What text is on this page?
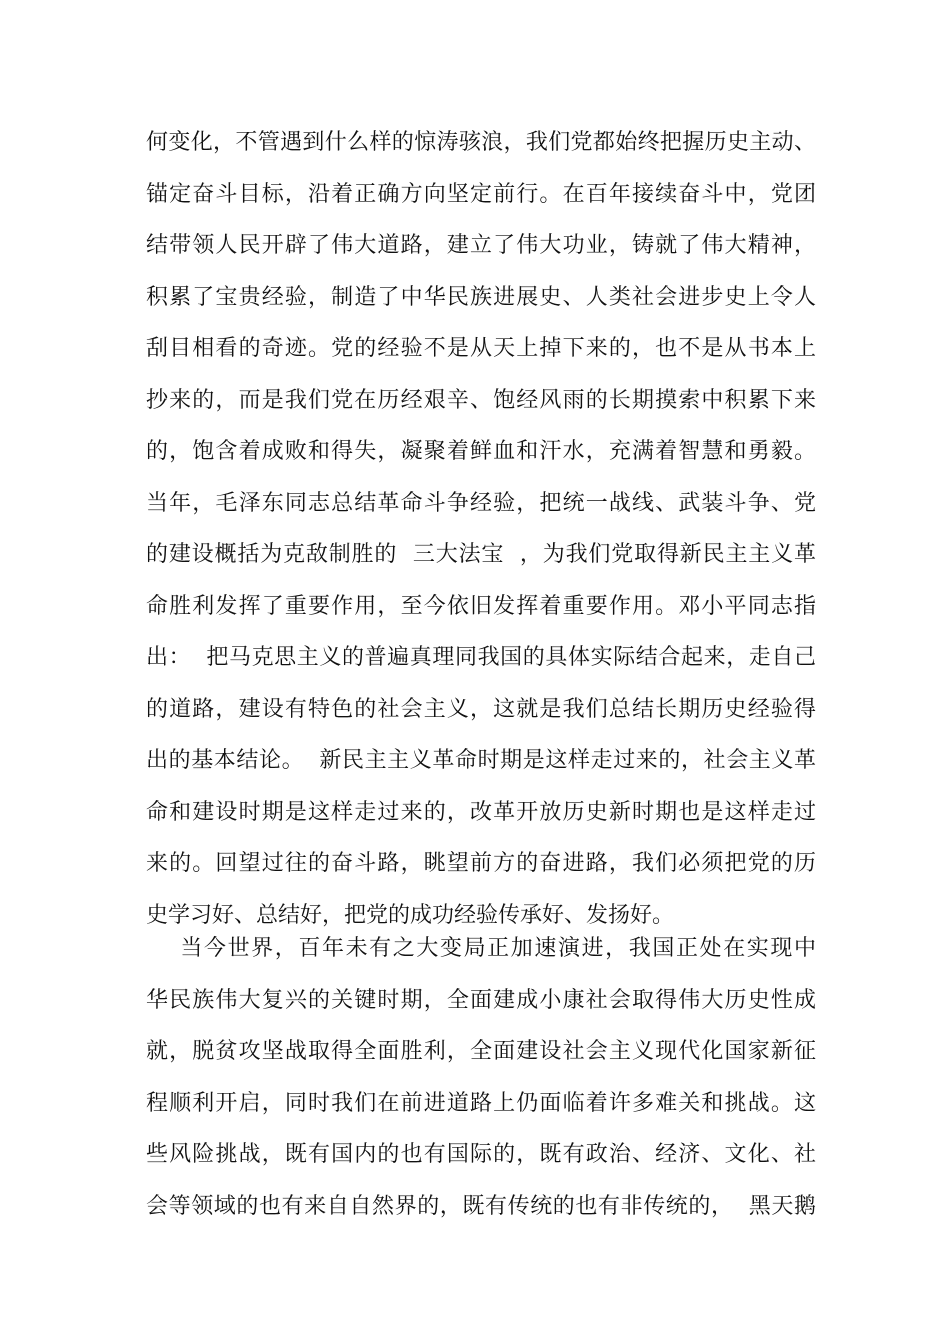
何变化，不管遇到什么样的惊涛骇浪，我们党都始终把握历史主动、
锚定奋斗目标，沿着正确方向坚定前行。在百年接续奋斗中，党团
结带领人民开辟了伟大道路，建立了伟大功业，铸就了伟大精神，
积累了宝贵经验，制造了中华民族进展史、人类社会进步史上令人
刮目相看的奇迹。党的经验不是从天上掉下来的，也不是从书本上
抄来的，而是我们党在历经艰辛、饱经风雨的长期摸索中积累下来
的，饱含着成败和得失，凝聚着鲜血和汗水，充满着智慧和勇毅。
当年，毛泽东同志总结革命斗争经验，把统一战线、武装斗争、党
的建设概括为克敌制胜的  三大法宝  ，为我们党取得新民主主义革
命胜利发挥了重要作用，至今依旧发挥着重要作用。邓小平同志指
出：  把马克思主义的普遍真理同我国的具体实际结合起来，走自己
的道路，建设有特色的社会主义，这就是我们总结长期历史经验得
出的基本结论。  新民主主义革命时期是这样走过来的，社会主义革
命和建设时期是这样走过来的，改革开放历史新时期也是这样走过
来的。回望过往的奋斗路，眺望前方的奋进路，我们必须把党的历
史学习好、总结好，把党的成功经验传承好、发扬好。
当今世界，百年未有之大变局正加速演进，我国正处在实现中
华民族伟大复兴的关键时期，全面建成小康社会取得伟大历史性成
就，脱贫攻坚战取得全面胜利，全面建设社会主义现代化国家新征
程顺利开启，同时我们在前进道路上仍面临着许多难关和挑战。这
些风险挑战，既有国内的也有国际的，既有政治、经济、文化、社
会等领域的也有来自自然界的，既有传统的也有非传统的，  黑天鹅
